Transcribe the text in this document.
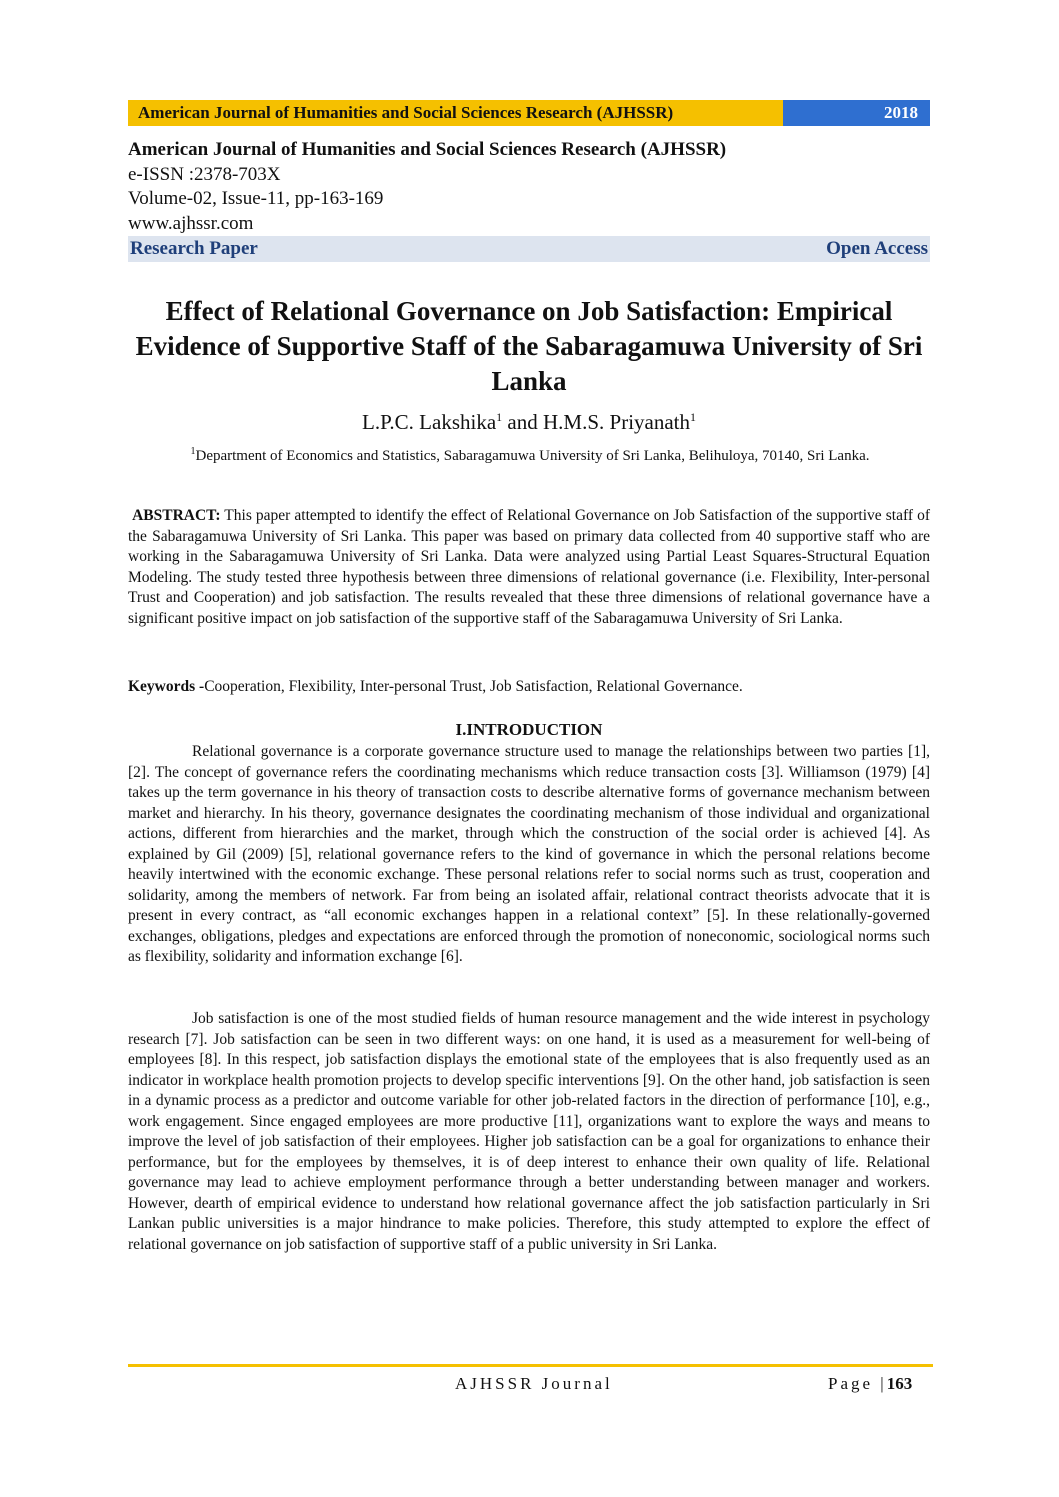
American Journal of Humanities and Social Sciences Research (AJHSSR)	2018
American Journal of Humanities and Social Sciences Research (AJHSSR)
e-ISSN :2378-703X
Volume-02, Issue-11, pp-163-169
www.ajhssr.com
Research Paper	Open Access
Effect of Relational Governance on Job Satisfaction: Empirical Evidence of Supportive Staff of the Sabaragamuwa University of Sri Lanka
L.P.C. Lakshika$^1$ and H.M.S. Priyanath$^1$
$^1$Department of Economics and Statistics, Sabaragamuwa University of Sri Lanka, Belihuloya, 70140, Sri Lanka.
ABSTRACT: This paper attempted to identify the effect of Relational Governance on Job Satisfaction of the supportive staff of the Sabaragamuwa University of Sri Lanka. This paper was based on primary data collected from 40 supportive staff who are working in the Sabaragamuwa University of Sri Lanka. Data were analyzed using Partial Least Squares-Structural Equation Modeling. The study tested three hypothesis between three dimensions of relational governance (i.e. Flexibility, Inter-personal Trust and Cooperation) and job satisfaction. The results revealed that these three dimensions of relational governance have a significant positive impact on job satisfaction of the supportive staff of the Sabaragamuwa University of Sri Lanka.
Keywords -Cooperation, Flexibility, Inter-personal Trust, Job Satisfaction, Relational Governance.
I.INTRODUCTION
Relational governance is a corporate governance structure used to manage the relationships between two parties [1], [2]. The concept of governance refers the coordinating mechanisms which reduce transaction costs [3]. Williamson (1979) [4] takes up the term governance in his theory of transaction costs to describe alternative forms of governance mechanism between market and hierarchy. In his theory, governance designates the coordinating mechanism of those individual and organizational actions, different from hierarchies and the market, through which the construction of the social order is achieved [4]. As explained by Gil (2009) [5], relational governance refers to the kind of governance in which the personal relations become heavily intertwined with the economic exchange. These personal relations refer to social norms such as trust, cooperation and solidarity, among the members of network. Far from being an isolated affair, relational contract theorists advocate that it is present in every contract, as “all economic exchanges happen in a relational context” [5]. In these relationally-governed exchanges, obligations, pledges and expectations are enforced through the promotion of noneconomic, sociological norms such as flexibility, solidarity and information exchange [6].
Job satisfaction is one of the most studied fields of human resource management and the wide interest in psychology research [7]. Job satisfaction can be seen in two different ways: on one hand, it is used as a measurement for well-being of employees [8]. In this respect, job satisfaction displays the emotional state of the employees that is also frequently used as an indicator in workplace health promotion projects to develop specific interventions [9]. On the other hand, job satisfaction is seen in a dynamic process as a predictor and outcome variable for other job-related factors in the direction of performance [10], e.g., work engagement. Since engaged employees are more productive [11], organizations want to explore the ways and means to improve the level of job satisfaction of their employees. Higher job satisfaction can be a goal for organizations to enhance their performance, but for the employees by themselves, it is of deep interest to enhance their own quality of life. Relational governance may lead to achieve employment performance through a better understanding between manager and workers. However, dearth of empirical evidence to understand how relational governance affect the job satisfaction particularly in Sri Lankan public universities is a major hindrance to make policies. Therefore, this study attempted to explore the effect of relational governance on job satisfaction of supportive staff of a public university in Sri Lanka.
AJHSSR Journal	Page |163
